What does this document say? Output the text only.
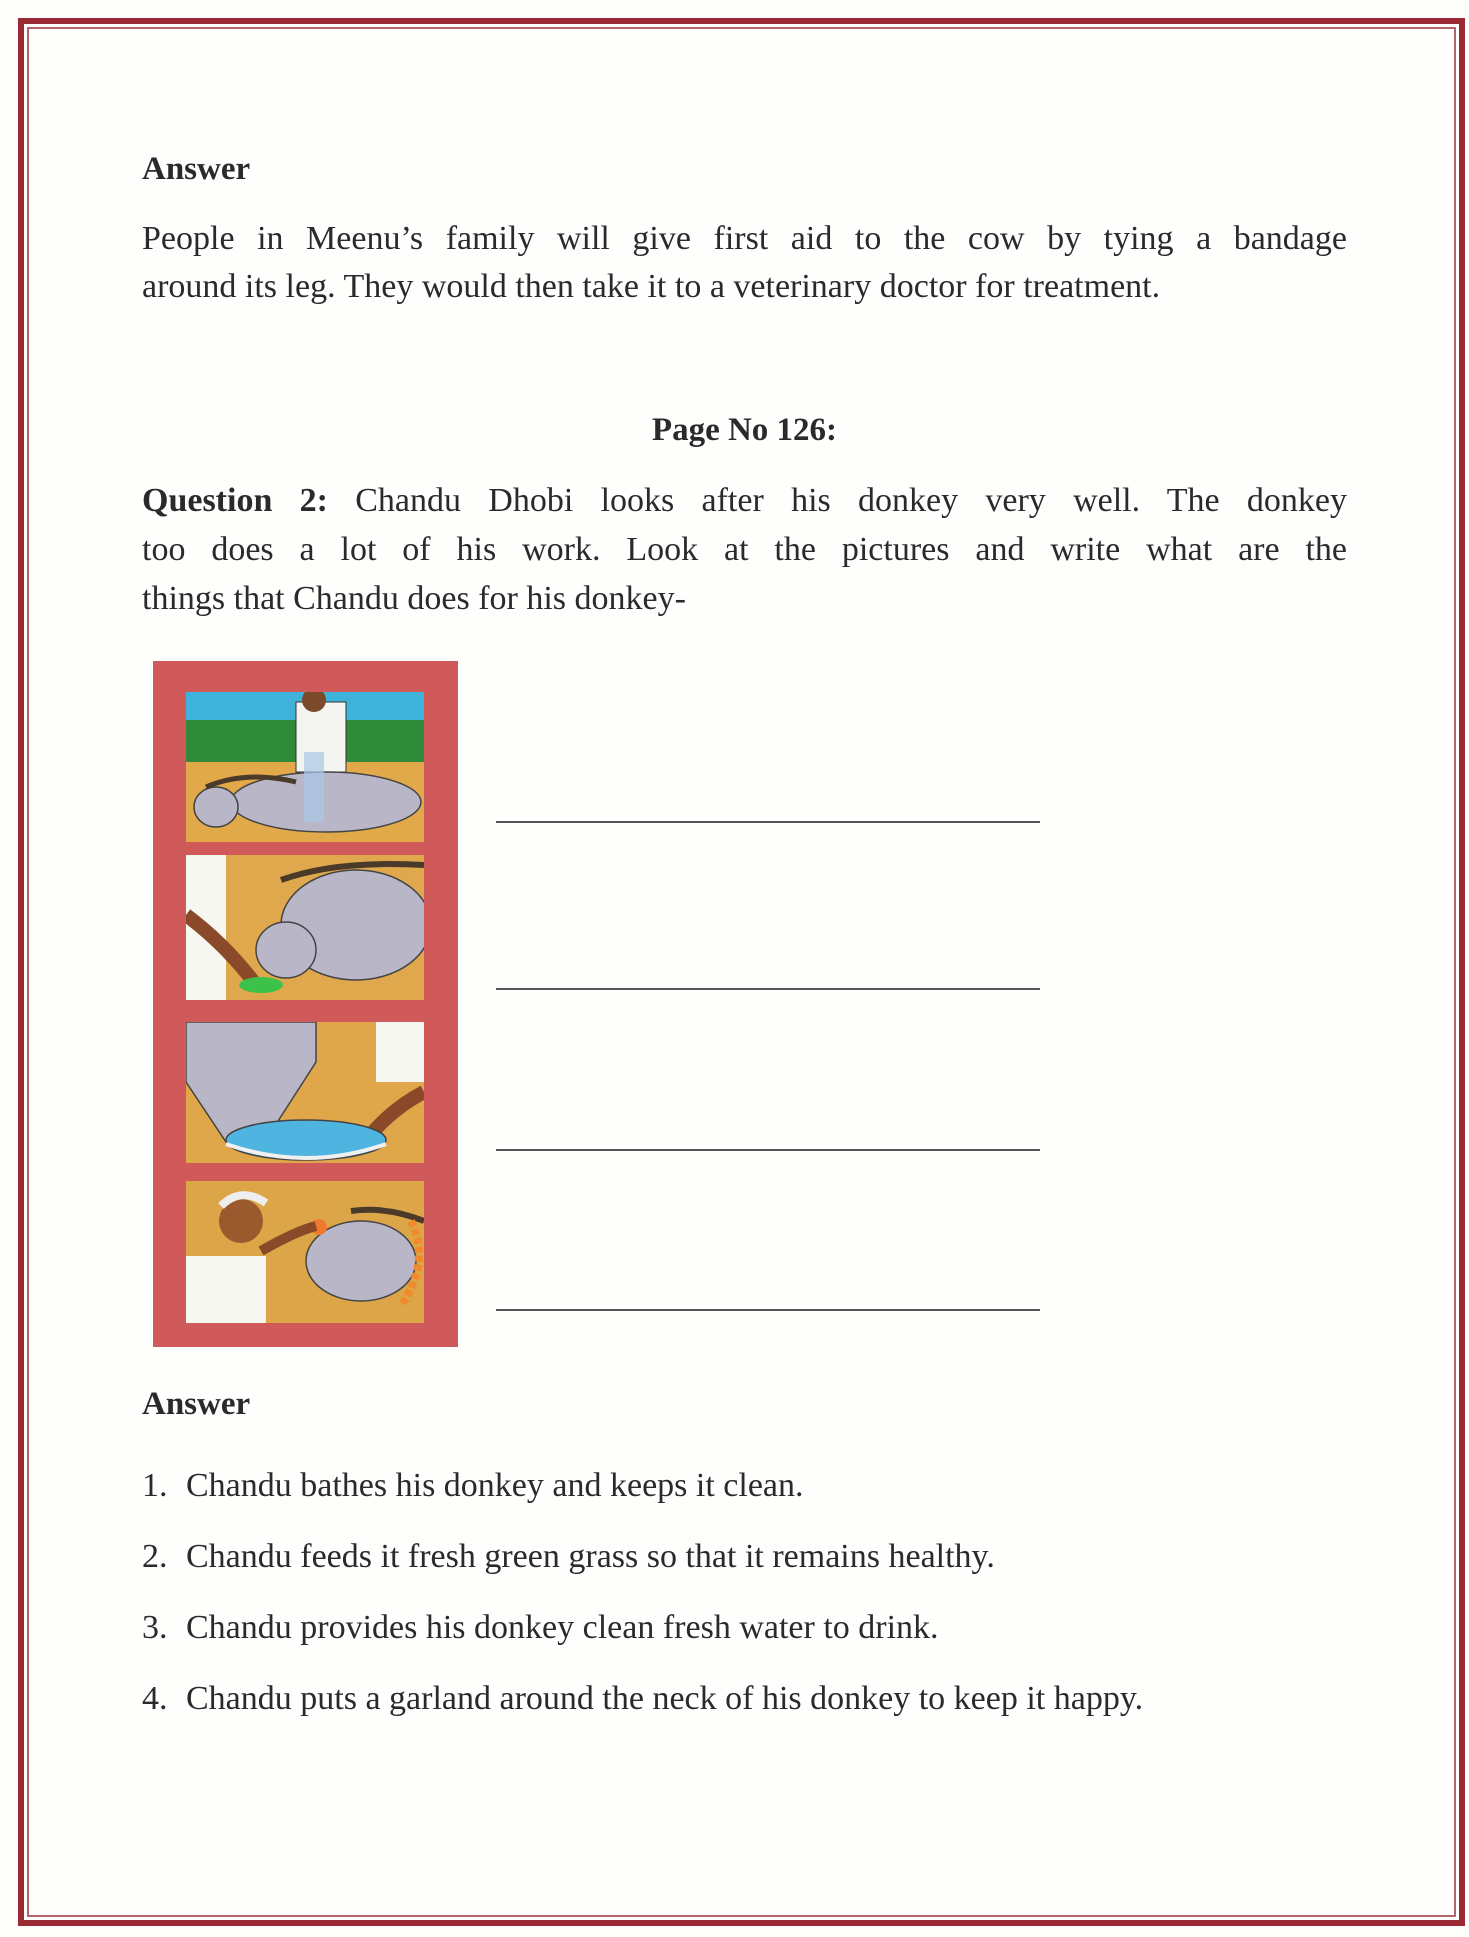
Answer
People in Meenu’s family will give first aid to the cow by tying a bandage
around its leg. They would then take it to a veterinary doctor for treatment.
Page No 126:
Question 2: Chandu Dhobi looks after his donkey very well. The donkey
too does a lot of his work. Look at the pictures and write what are the
things that Chandu does for his donkey-
Answer
1. Chandu bathes his donkey and keeps it clean.
2. Chandu feeds it fresh green grass so that it remains healthy.
3. Chandu provides his donkey clean fresh water to drink.
4. Chandu puts a garland around the neck of his donkey to keep it happy.
